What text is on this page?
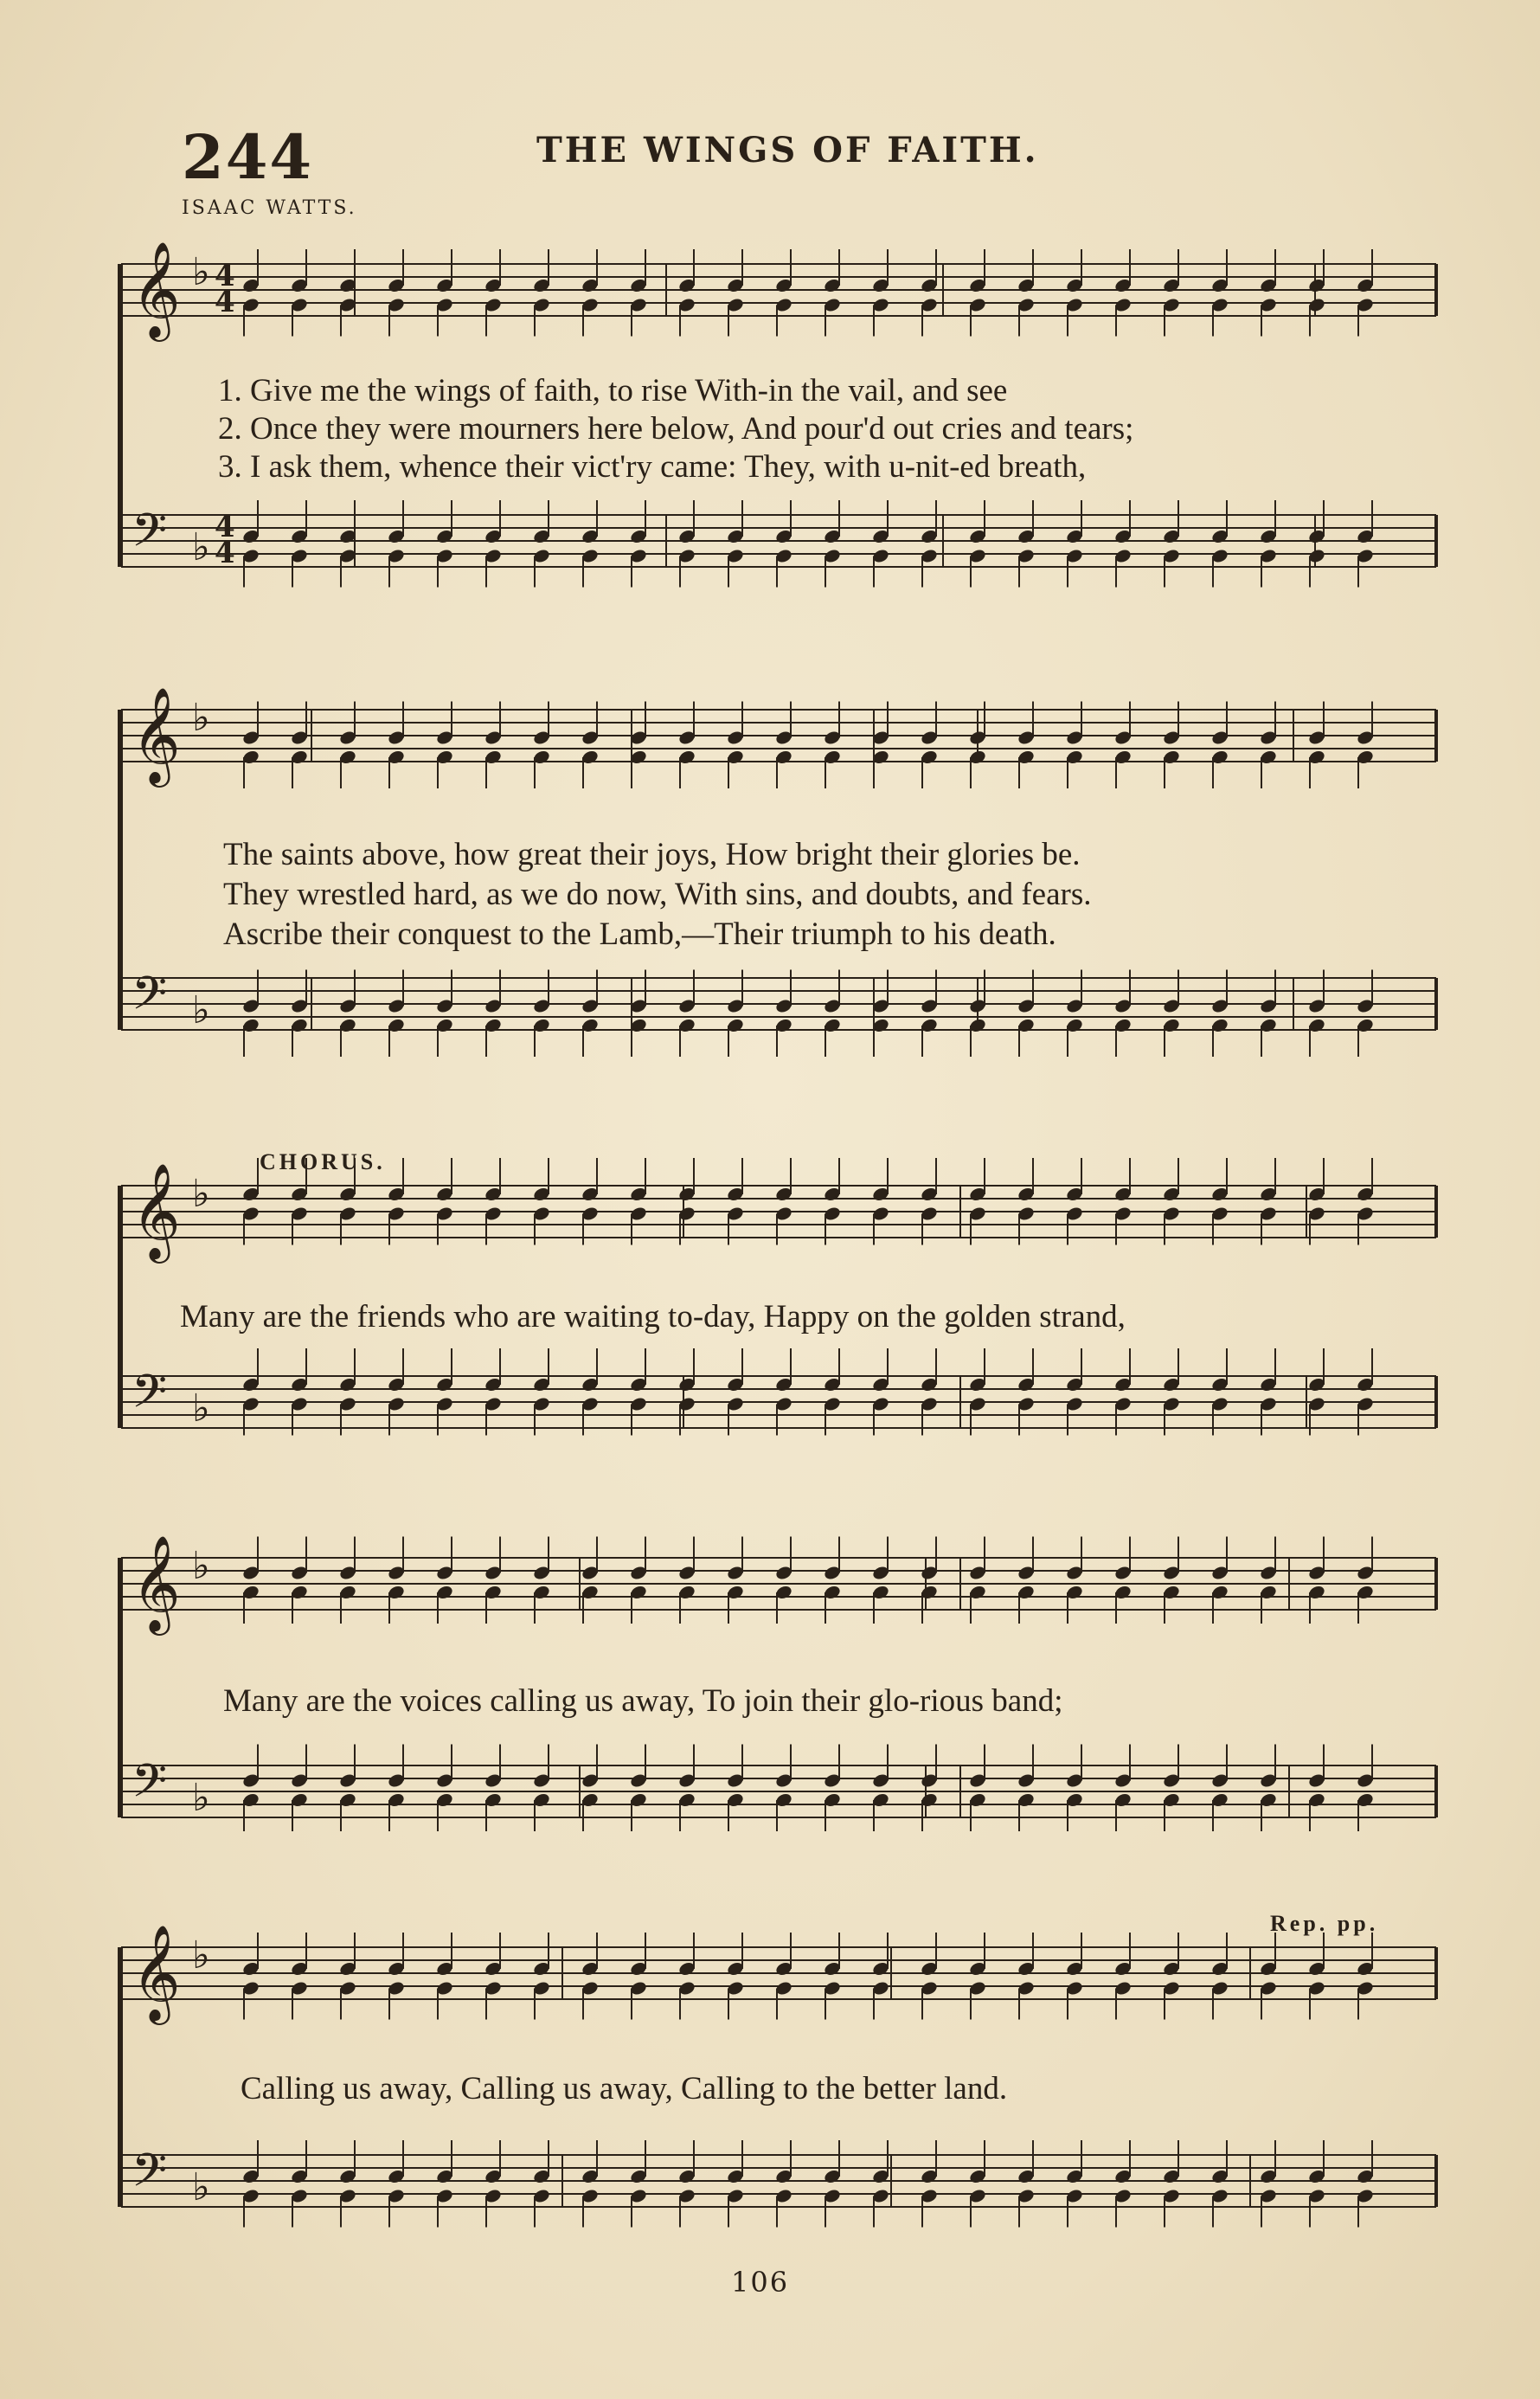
244	THE WINGS OF FAITH.
ISAAC WATTS.
𝄞 ♭
𝄢 ♭
𝄞 ♭
𝄢 ♭
𝄞 ♭
𝄢 ♭
𝄞 ♭
𝄢 ♭
𝄞 ♭
𝄢 ♭
4
4
4
4
1. Give me the wings of faith, to rise With-in the vail, and see
2. Once they were mourners here below, And pour'd out cries and tears;
3. I ask them, whence their vict'ry came: They, with u-nit-ed breath,
The saints above, how great their joys, How bright their glories be.
They wrestled hard, as we do now, With sins, and doubts, and fears.
Ascribe their conquest to the Lamb,—Their triumph to his death.
CHORUS.
Many are the friends who are waiting to-day, Happy on the golden strand,
Many are the voices calling us away, To join their glo-rious band;
Rep. pp.
Calling us away, Calling us away, Calling to the better land.
106
